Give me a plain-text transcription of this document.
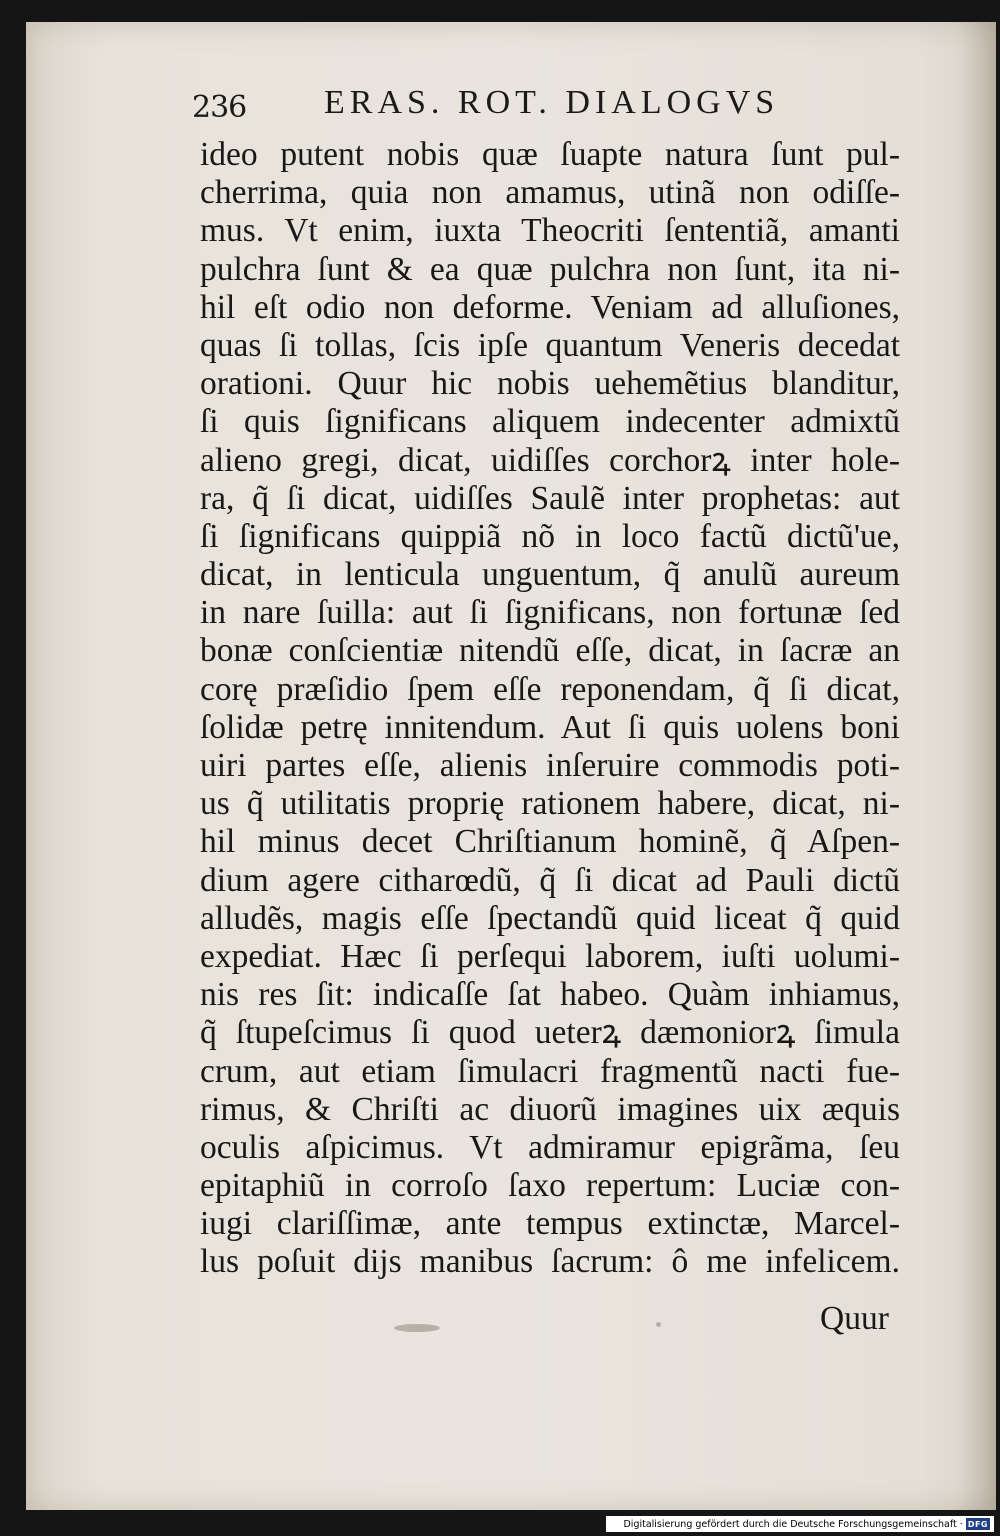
236 ERAS. ROT. DIALOGVS
ideo putent nobis quæ ſuapte natura ſunt pul-
cherrima, quia non amamus, utinã non odiſſe-
mus. Vt enim, iuxta Theocriti ſententiã, amanti
pulchra ſunt & ea quæ pulchra non ſunt, ita ni-
hil eſt odio non deforme. Veniam ad alluſiones,
quas ſi tollas, ſcis ipſe quantum Veneris decedat
orationi. Quur hic nobis uehemẽtius blanditur,
ſi quis ſignificans aliquem indecenter admixtũ
alieno gregi, dicat, uidiſſes corchorꝝ inter hole-
ra, q̃ ſi dicat, uidiſſes Saulẽ inter prophetas: aut
ſi ſignificans quippiã nõ in loco factũ dictũ'ue,
dicat, in lenticula unguentum, q̃ anulũ aureum
in nare ſuilla: aut ſi ſignificans, non fortunæ ſed
bonæ conſcientiæ nitendũ eſſe, dicat, in ſacræ an
corę præſidio ſpem eſſe reponendam, q̃ ſi dicat,
ſolidæ petrę innitendum. Aut ſi quis uolens boni
uiri partes eſſe, alienis inſeruire commodis poti-
us q̃ utilitatis proprię rationem habere, dicat, ni-
hil minus decet Chriſtianum hominẽ, q̃ Aſpen-
dium agere citharœdũ, q̃ ſi dicat ad Pauli dictũ
alludẽs, magis eſſe ſpectandũ quid liceat q̃ quid
expediat. Hæc ſi perſequi laborem, iuſti uolumi-
nis res ſit: indicaſſe ſat habeo. Quàm inhiamus,
q̃ ſtupeſcimus ſi quod ueterꝝ dæmoniorꝝ ſimula
crum, aut etiam ſimulacri fragmentũ nacti fue-
rimus, & Chriſti ac diuorũ imagines uix æquis
oculis aſpicimus. Vt admiramur epigrãma, ſeu
epitaphiũ in corroſo ſaxo repertum: Luciæ con-
iugi clariſſimæ, ante tempus extinctæ, Marcel-
lus poſuit dijs manibus ſacrum: ô me infelicem.
Quur
Digitalisierung gefördert durch die Deutsche Forschungsgemeinschaft · DFG
